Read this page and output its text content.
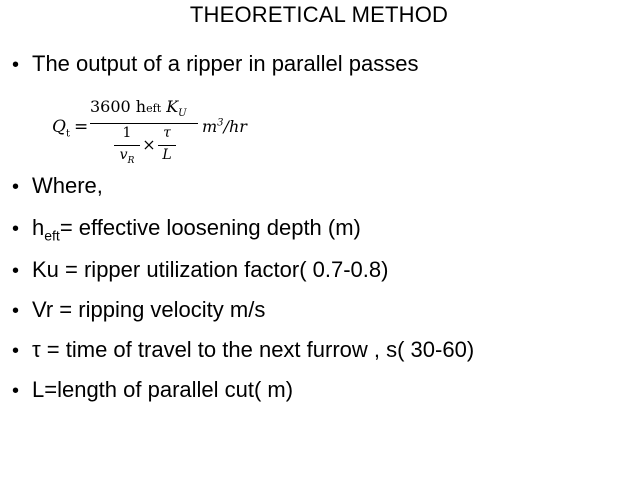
THEORETICAL METHOD
• The output of a ripper in parallel passes
$Q_t$ =
3600 heft $K_U$
1
$v_R$
×
τ
L
$m^3/hr$
• Where,
• $h_{eft}=$ effective loosening depth (m)
• Ku = ripper utilization factor( 0.7-0.8)
• Vr = ripping velocity m/s
• τ = time of travel to the next furrow , s( 30-60)
• L=length of parallel cut( m)
